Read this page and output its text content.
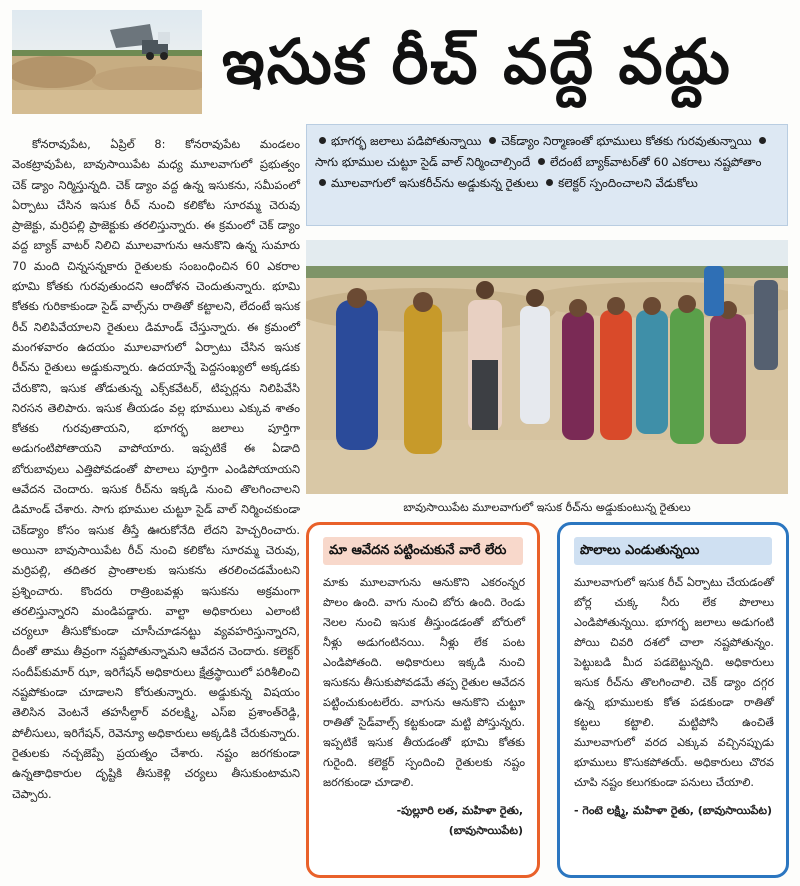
ఇసుక రీచ్ వద్దే వద్దు

కోనరావుపేట, ఏప్రిల్ 8: కోనరావుపేట మండలం వెంకట్రావుపేట, బావుసాయిపేట మధ్య మూలవాగులో ప్రభుత్వం చెక్ డ్యాం నిర్మిస్తున్నది. చెక్ డ్యాం వద్ద ఉన్న ఇసుకను, సమీపంలో ఏర్పాటు చేసిన ఇసుక రీచ్ నుంచి కలికోట సూరమ్మ చెరువు ప్రాజెక్టు, మర్రిపల్లి ప్రాజెక్టుకు తరలిస్తున్నారు. ఈ క్రమంలో చెక్ డ్యాం వద్ద బ్యాక్ వాటర్ నిలిచి మూలవాగును ఆనుకొని ఉన్న సుమారు 70 మంది చిన్నసన్నకారు రైతులకు సంబంధించిన 60 ఎకరాల భూమి కోతకు గురవుతుందని ఆందోళన చెందుతున్నారు. భూమి కోతకు గురికాకుండా సైడ్ వాల్స్‌ను రాతితో కట్టాలని, లేదంటే ఇసుక రీచ్ నిలిపివేయాలని రైతులు డిమాండ్ చేస్తున్నారు. ఈ క్రమంలో మంగళవారం ఉదయం మూలవాగులో ఏర్పాటు చేసిన ఇసుక రీచ్‌ను రైతులు అడ్డుకున్నారు. ఉదయాన్నే పెద్దసంఖ్యలో అక్కడకు చేరుకొని, ఇసుక తోడుతున్న ఎక్స్‌కవేటర్, టిప్పర్లను నిలిపివేసి నిరసన తెలిపారు. ఇసుక తీయడం వల్ల భూములు ఎక్కువ శాతం కోతకు గురవుతాయని, భూగర్భ జలాలు పూర్తిగా అడుగంటిపోతాయని వాపోయారు. ఇప్పటికే ఈ ఏడాది బోరుబావులు ఎత్తిపోవడంతో పొలాలు పూర్తిగా ఎండిపోయాయని ఆవేదన చెందారు. ఇసుక రీచ్‌ను ఇక్కడి నుంచి తొలగించాలని డిమాండ్ చేశారు. సాగు భూముల చుట్టూ సైడ్ వాల్ నిర్మించకుండా చెక్‌డ్యాం కోసం ఇసుక తీస్తే ఊరుకోనేది లేదని హెచ్చరించారు. అయినా బావుసాయిపేట రీచ్ నుంచి కలికోట సూరమ్మ చెరువు, మర్రిపల్లి, తదితర ప్రాంతాలకు ఇసుకను తరలించడమేంటని ప్రశ్నించారు. కొందరు రాత్రింబవళ్లు ఇసుకను అక్రమంగా తరలిస్తున్నారని మండిపడ్డారు. వాల్టా అధికారులు ఎలాంటి చర్యలూ తీసుకోకుండా చూసీచూడనట్టు వ్యవహరిస్తున్నారని, దీంతో తాము తీవ్రంగా నష్టపోతున్నామని ఆవేదన చెందారు. కలెక్టర్ సందీప్‌కుమార్ ఝా, ఇరిగేషన్ అధికారులు క్షేత్రస్థాయిలో పరిశీలించి నష్టపోకుండా చూడాలని కోరుతున్నారు. అడ్డుకున్న విషయం తెలిసిన వెంటనే తహసీల్దార్ వరలక్ష్మి, ఎస్ఐ ప్రశాంత్‌రెడ్డి, పోలీసులు, ఇరిగేషన్, రెవెన్యూ అధికారులు అక్కడికి చేరుకున్నారు. రైతులకు నచ్చజెప్పే ప్రయత్నం చేశారు. నష్టం జరగకుండా ఉన్నతాధికారుల దృష్టికి తీసుకెళ్లి చర్యలు తీసుకుంటామని చెప్పారు.

భూగర్భ జలాలు పడిపోతున్నాయి చెక్‌డ్యాం నిర్మాణంతో భూములు కోతకు గురవుతున్నాయి సాగు భూముల చుట్టూ సైడ్ వాల్ నిర్మించాల్సిందే లేదంటే బ్యాక్‌వాటర్‌తో 60 ఎకరాలు నష్టపోతాం మూలవాగులో ఇసుకరీచ్‌ను అడ్డుకున్న రైతులు కలెక్టర్ స్పందించాలని వేడుకోలు
బావుసాయిపేట మూలవాగులో ఇసుక రీచ్‌ను అడ్డుకుంటున్న రైతులు
మా ఆవేదన పట్టించుకునే వారే లేరు
మాకు మూలవాగును ఆనుకొని ఎకరంన్నర పొలం ఉంది. వాగు నుంచి బోరు ఉంది. రెండు నెలల నుంచి ఇసుక తీస్తుండడంతో బోరులో నీళ్లు అడుగంటినయి. నీళ్లు లేక పంట ఎండిపోతంది. అధికారులు ఇక్కడి నుంచి ఇసుకను తీసుకుపోవడమే తప్ప రైతుల ఆవేదన పట్టించుకుంటలేరు. వాగును ఆనుకొని చుట్టూ రాతితో సైడ్‌వాల్స్ కట్టకుండా మట్టి పోస్తున్నరు. ఇప్పటికే ఇసుక తీయడంతో భూమి కోతకు గురైంది. కలెక్టర్ స్పందించి రైతులకు నష్టం జరగకుండా చూడాలి.
-పుల్లూరి లత, మహిళా రైతు, (బావుసాయిపేట)
పొలాలు ఎండుతున్నయి
మూలవాగులో ఇసుక రీచ్ ఏర్పాటు చేయడంతో బోర్ల చుక్క నీరు లేక పొలాలు ఎండిపోతున్నయి. భూగర్భ జలాలు అడుగంటి పోయి చివరి దశలో చాలా నష్టపోతున్నం. పెట్టుబడి మీద పడబెట్టున్నది. అధికారులు ఇసుక రీచ్‌ను తొలగించాలి. చెక్ డ్యాం దగ్గర ఉన్న భూములకు కోత పడకుండా రాతితో కట్టలు కట్టాలి. మట్టిపోసి ఉంచితే మూలవాగులో వరద ఎక్కువ వచ్చినప్పుడు భూములు కొసుకపోతయ్. అధికారులు చొరవ చూపి నష్టం కలుగకుండా పనులు చేయాలి.
- గెంటె లక్ష్మి, మహిళా రైతు, (బావుసాయిపేట)
